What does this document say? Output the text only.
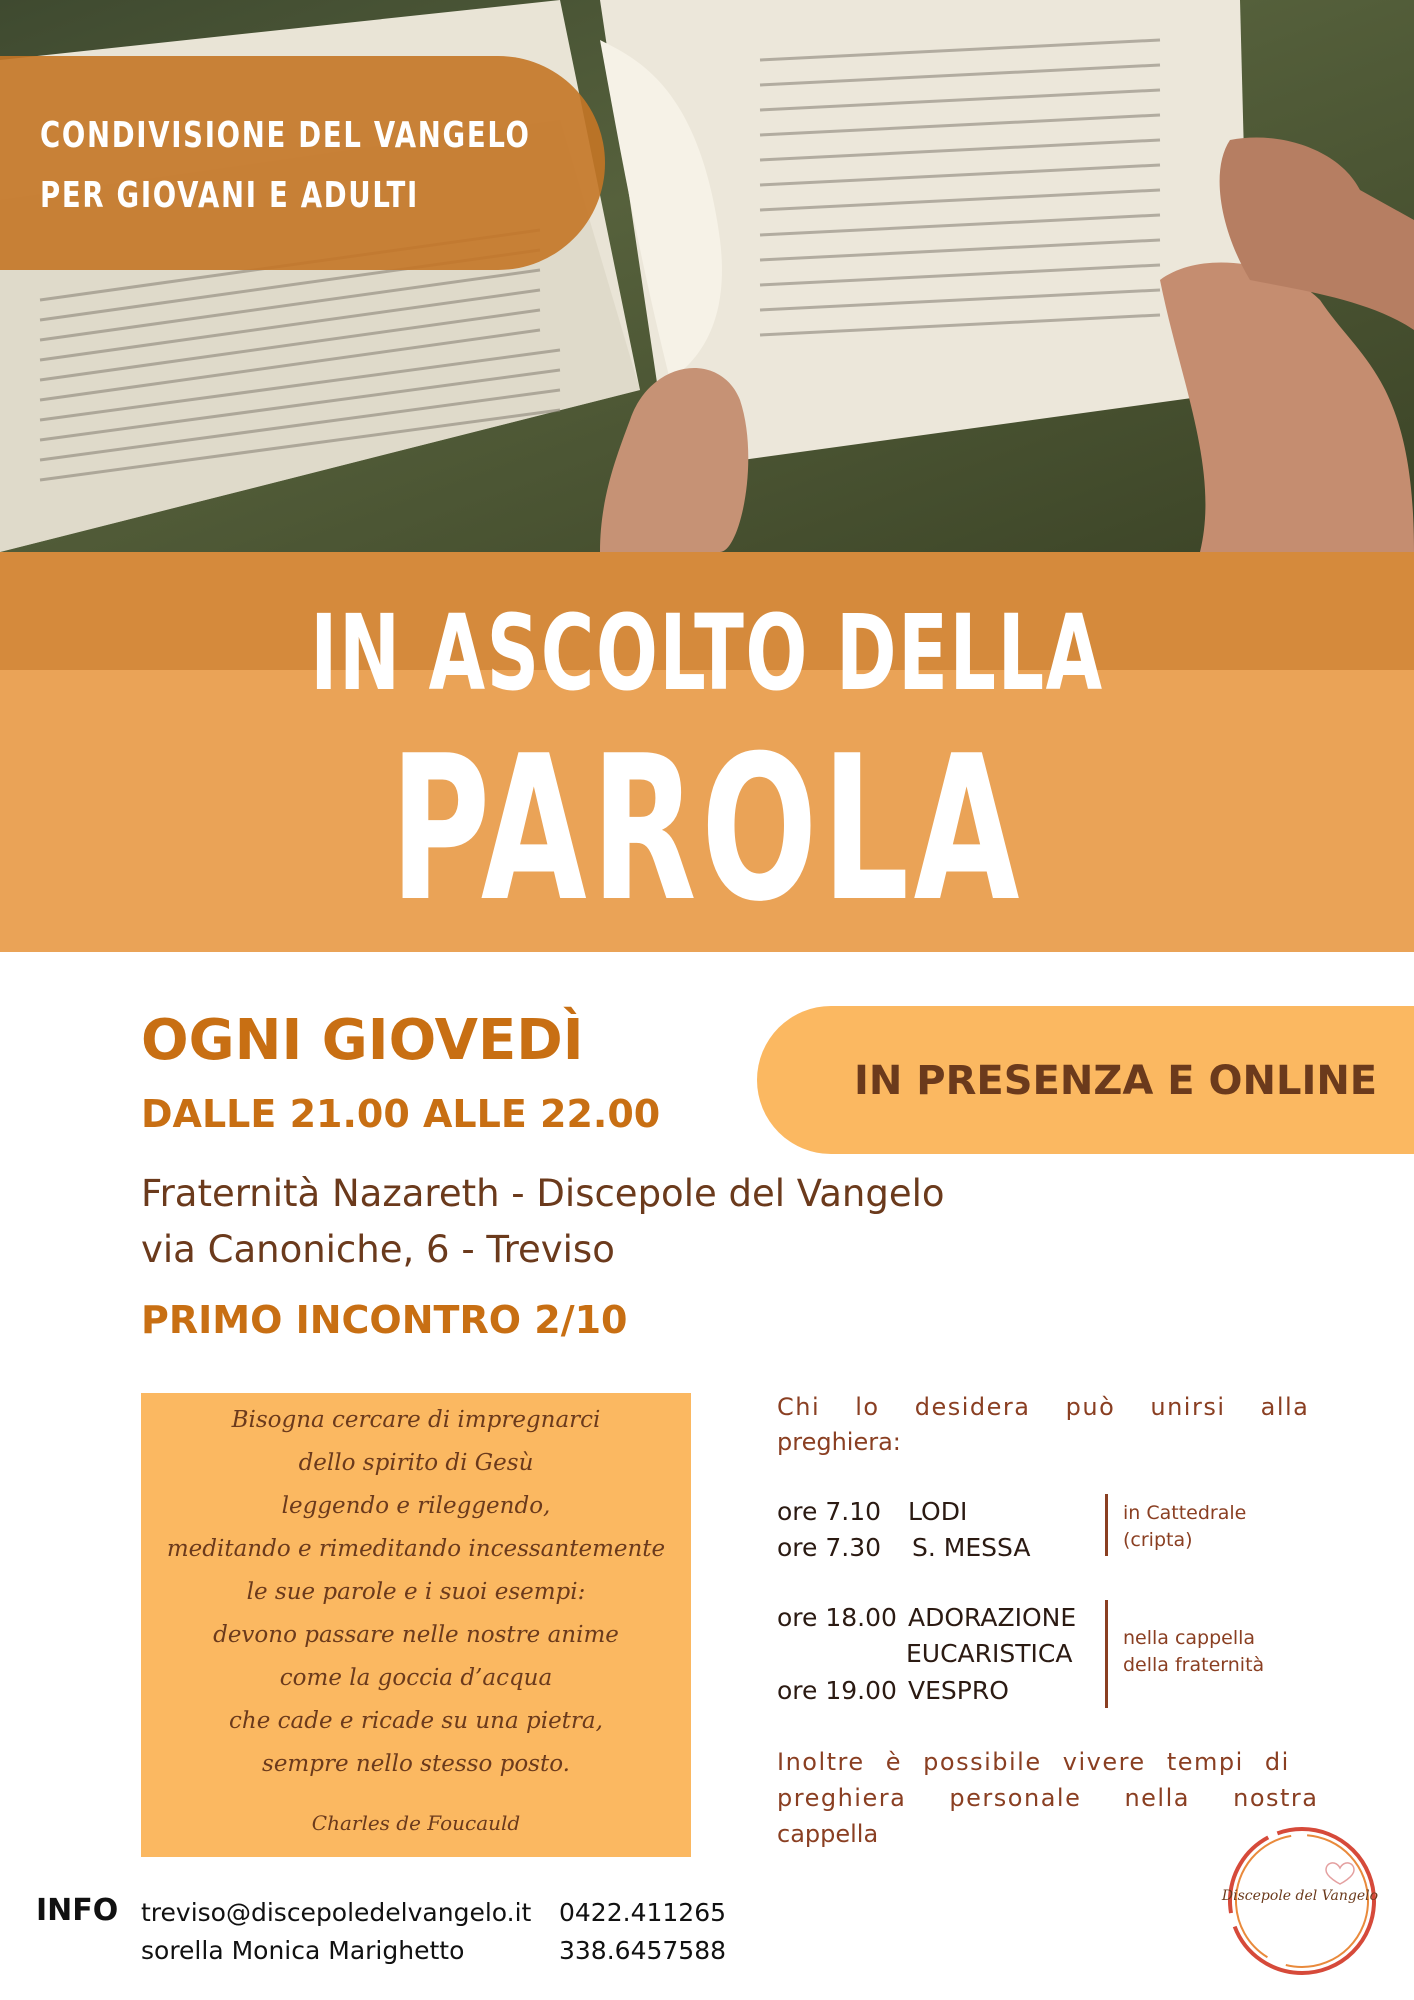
CONDIVISIONE DEL VANGELO
PER GIOVANI E ADULTI
IN ASCOLTO DELLA
PAROLA
OGNI GIOVEDÌ
DALLE 21.00 ALLE 22.00
IN PRESENZA E ONLINE
Fraternità Nazareth - Discepole del Vangelo
via Canoniche, 6 - Treviso
PRIMO INCONTRO 2/10
Bisogna cercare di impregnarci
dello spirito di Gesù
leggendo e rileggendo,
meditando e rimeditando incessantemente
le sue parole e i suoi esempi:
devono passare nelle nostre anime
come la goccia d’acqua
che cade e ricade su una pietra,
sempre nello stesso posto.
Charles de Foucauld
Chi lo desidera può unirsi alla
preghiera:
ore 7.10 LODI
ore 7.30 S. MESSA
in Cattedrale
(cripta)
ore 18.00 ADORAZIONE
EUCARISTICA
ore 19.00 VESPRO
nella cappella
della fraternità
Inoltre è possibile vivere tempi di
preghiera personale nella nostra
cappella
INFO treviso@discepoledelvangelo.it 0422.411265
sorella Monica Marighetto	338.6457588
Discepole del Vangelo
